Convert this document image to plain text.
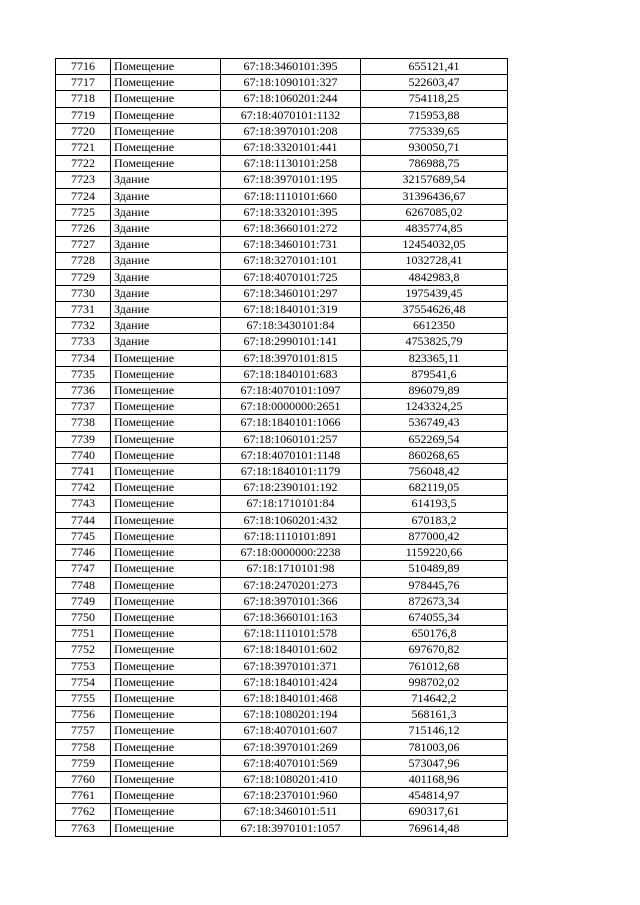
7716	Помещение	67:18:3460101:395	655121,41
7717	Помещение	67:18:1090101:327	522603,47
7718	Помещение	67:18:1060201:244	754118,25
7719	Помещение	67:18:4070101:1132	715953,88
7720	Помещение	67:18:3970101:208	775339,65
7721	Помещение	67:18:3320101:441	930050,71
7722	Помещение	67:18:1130101:258	786988,75
7723	Здание	67:18:3970101:195	32157689,54
7724	Здание	67:18:1110101:660	31396436,67
7725	Здание	67:18:3320101:395	6267085,02
7726	Здание	67:18:3660101:272	4835774,85
7727	Здание	67:18:3460101:731	12454032,05
7728	Здание	67:18:3270101:101	1032728,41
7729	Здание	67:18:4070101:725	4842983,8
7730	Здание	67:18:3460101:297	1975439,45
7731	Здание	67:18:1840101:319	37554626,48
7732	Здание	67:18:3430101:84	6612350
7733	Здание	67:18:2990101:141	4753825,79
7734	Помещение	67:18:3970101:815	823365,11
7735	Помещение	67:18:1840101:683	879541,6
7736	Помещение	67:18:4070101:1097	896079,89
7737	Помещение	67:18:0000000:2651	1243324,25
7738	Помещение	67:18:1840101:1066	536749,43
7739	Помещение	67:18:1060101:257	652269,54
7740	Помещение	67:18:4070101:1148	860268,65
7741	Помещение	67:18:1840101:1179	756048,42
7742	Помещение	67:18:2390101:192	682119,05
7743	Помещение	67:18:1710101:84	614193,5
7744	Помещение	67:18:1060201:432	670183,2
7745	Помещение	67:18:1110101:891	877000,42
7746	Помещение	67:18:0000000:2238	1159220,66
7747	Помещение	67:18:1710101:98	510489,89
7748	Помещение	67:18:2470201:273	978445,76
7749	Помещение	67:18:3970101:366	872673,34
7750	Помещение	67:18:3660101:163	674055,34
7751	Помещение	67:18:1110101:578	650176,8
7752	Помещение	67:18:1840101:602	697670,82
7753	Помещение	67:18:3970101:371	761012,68
7754	Помещение	67:18:1840101:424	998702,02
7755	Помещение	67:18:1840101:468	714642,2
7756	Помещение	67:18:1080201:194	568161,3
7757	Помещение	67:18:4070101:607	715146,12
7758	Помещение	67:18:3970101:269	781003,06
7759	Помещение	67:18:4070101:569	573047,96
7760	Помещение	67:18:1080201:410	401168,96
7761	Помещение	67:18:2370101:960	454814,97
7762	Помещение	67:18:3460101:511	690317,61
7763	Помещение	67:18:3970101:1057	769614,48
